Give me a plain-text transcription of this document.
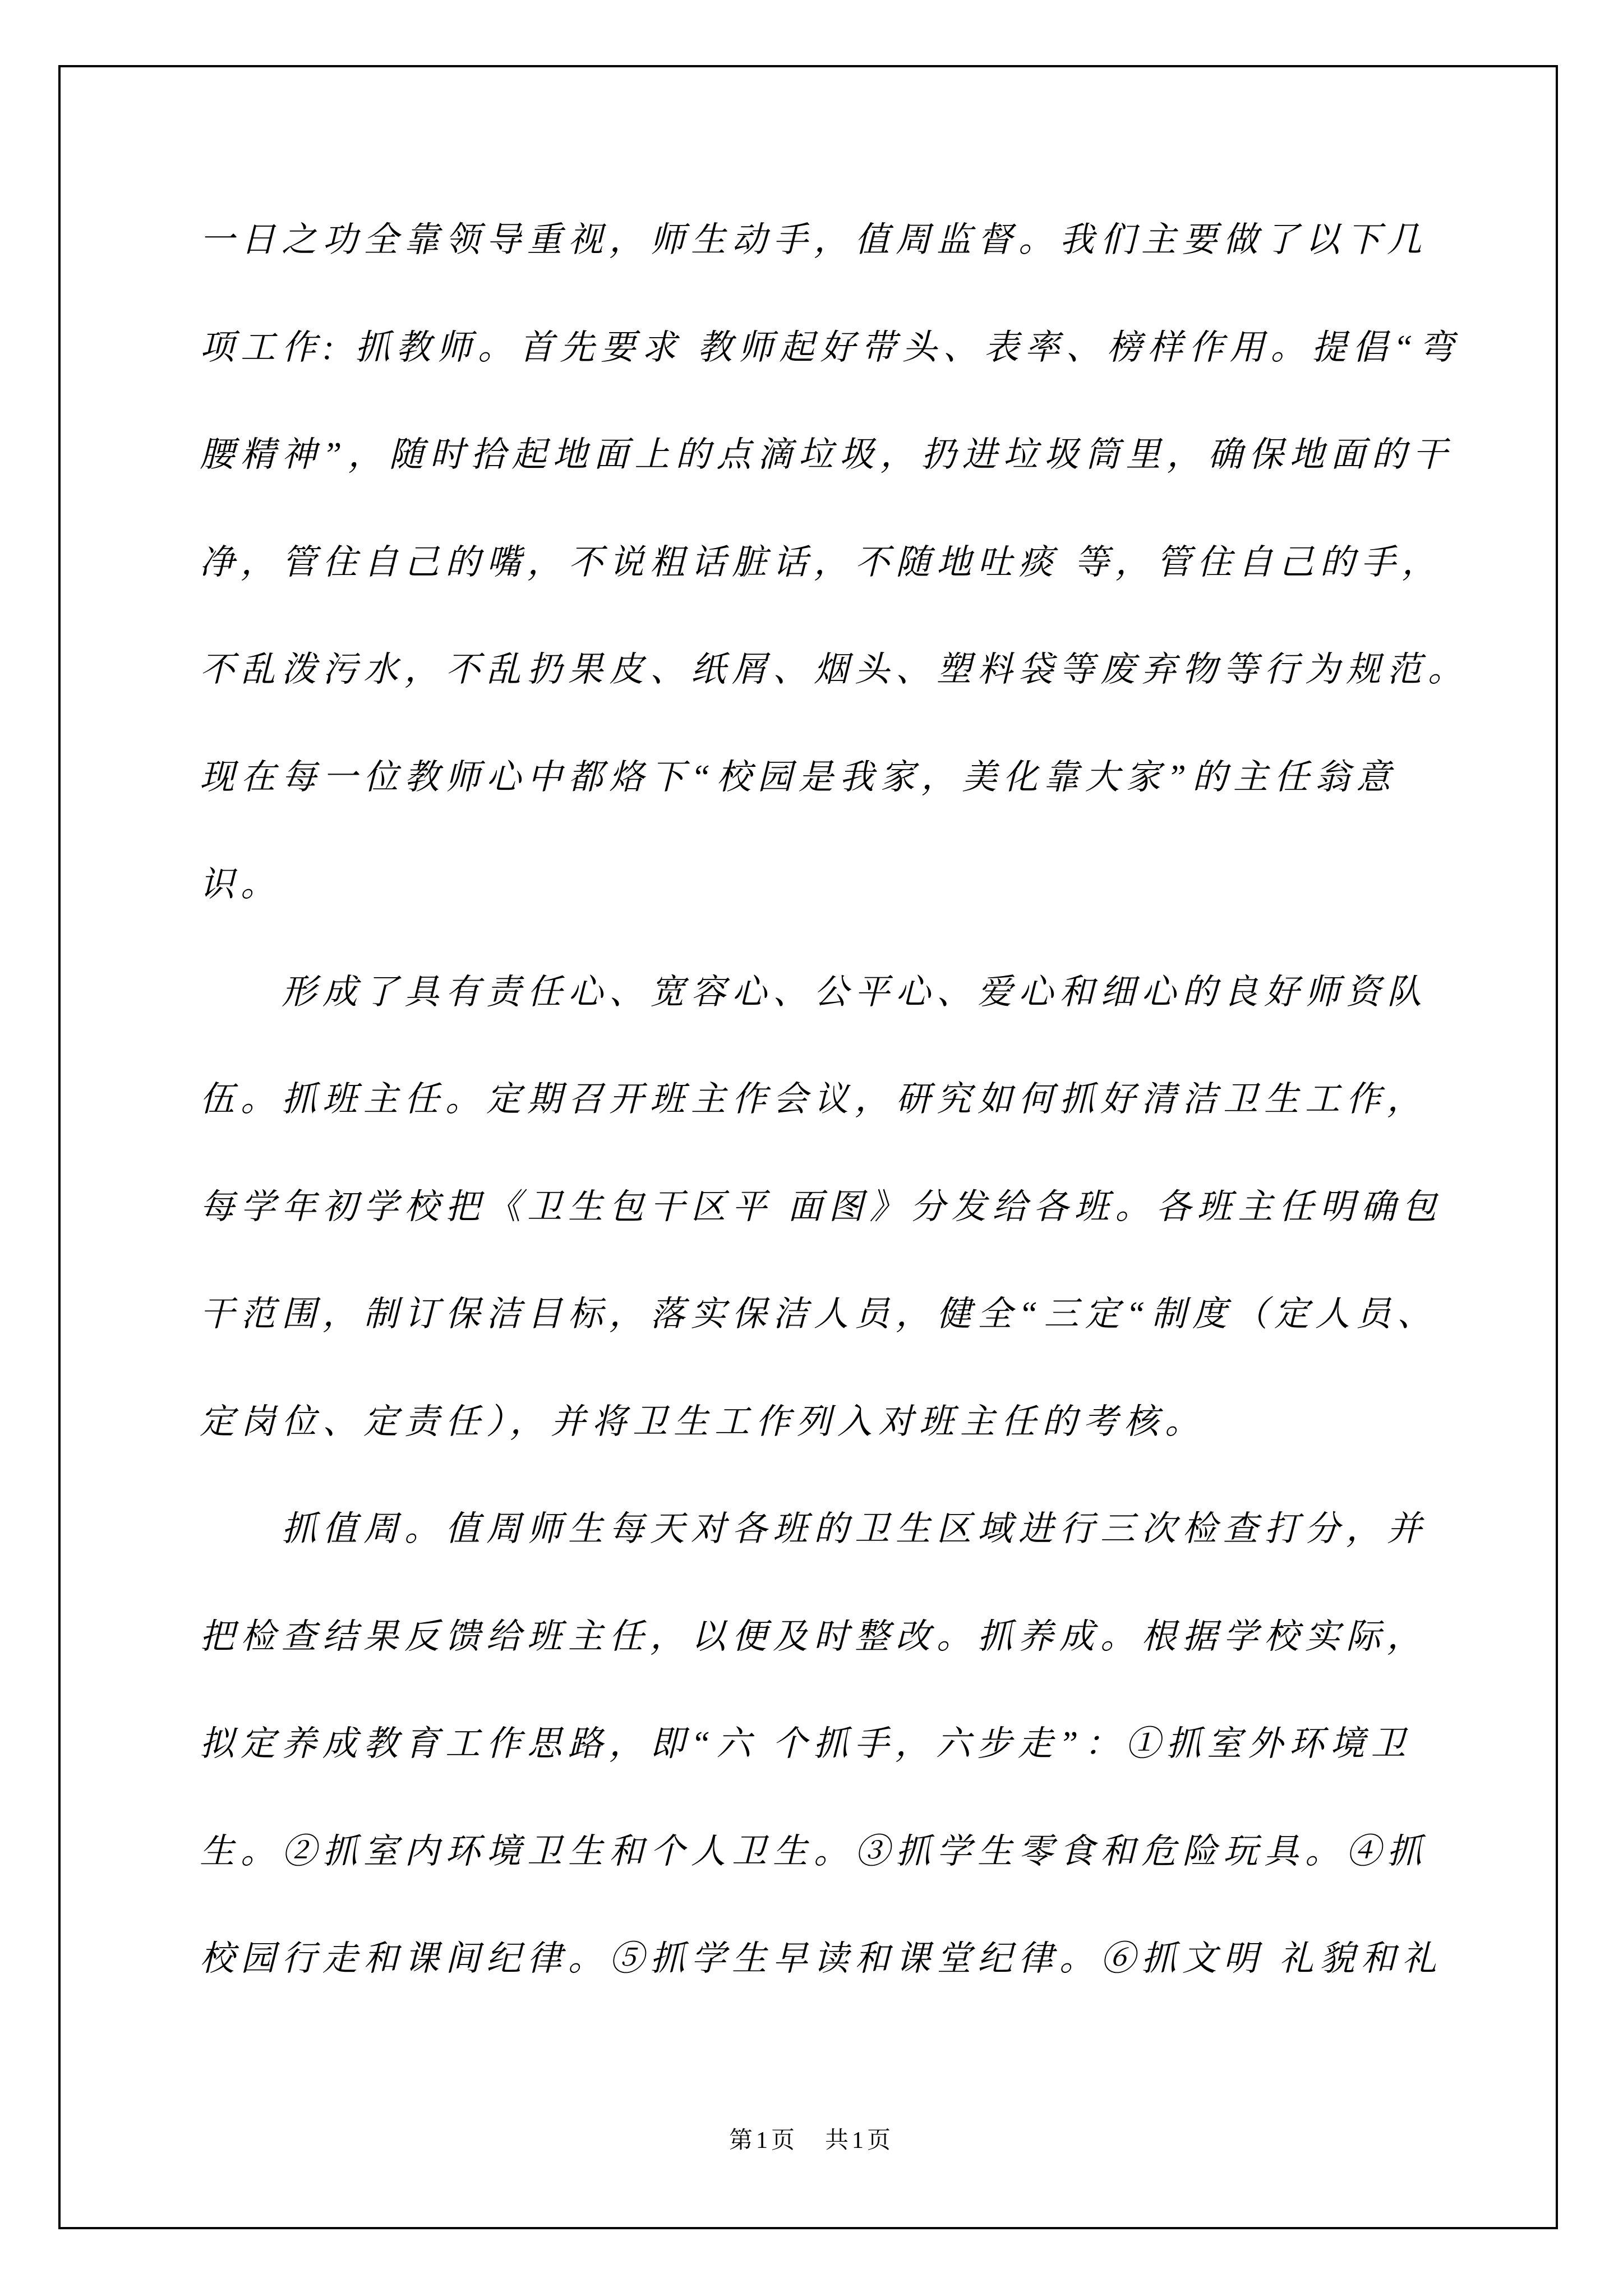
一日之功全靠领导重视，师生动手，值周监督。我们主要做了以下几
项工作: 抓教师。首先要求 教师起好带头、表率、榜样作用。提倡“弯
腰精神”，随时拾起地面上的点滴垃圾，扔进垃圾筒里，确保地面的干
净，管住自己的嘴，不说粗话脏话，不随地吐痰 等，管住自己的手，
不乱泼污水，不乱扔果皮、纸屑、烟头、塑料袋等废弃物等行为规范。
现在每一位教师心中都烙下“校园是我家，美化靠大家”的主任翁意
识。
形成了具有责任心、宽容心、公平心、爱心和细心的良好师资队
伍。抓班主任。定期召开班主作会议，研究如何抓好清洁卫生工作，
每学年初学校把《卫生包干区平 面图》分发给各班。各班主任明确包
干范围，制订保洁目标，落实保洁人员，健全“三定“制度（定人员、
定岗位、定责任），并将卫生工作列入对班主任的考核。
抓值周。值周师生每天对各班的卫生区域进行三次检查打分，并
把检查结果反馈给班主任，以便及时整改。抓养成。根据学校实际，
拟定养成教育工作思路，即“六 个抓手，六步走”：①抓室外环境卫
生。②抓室内环境卫生和个人卫生。③抓学生零食和危险玩具。④抓
校园行走和课间纪律。⑤抓学生早读和课堂纪律。⑥抓文明 礼貌和礼
第1页　共1页
